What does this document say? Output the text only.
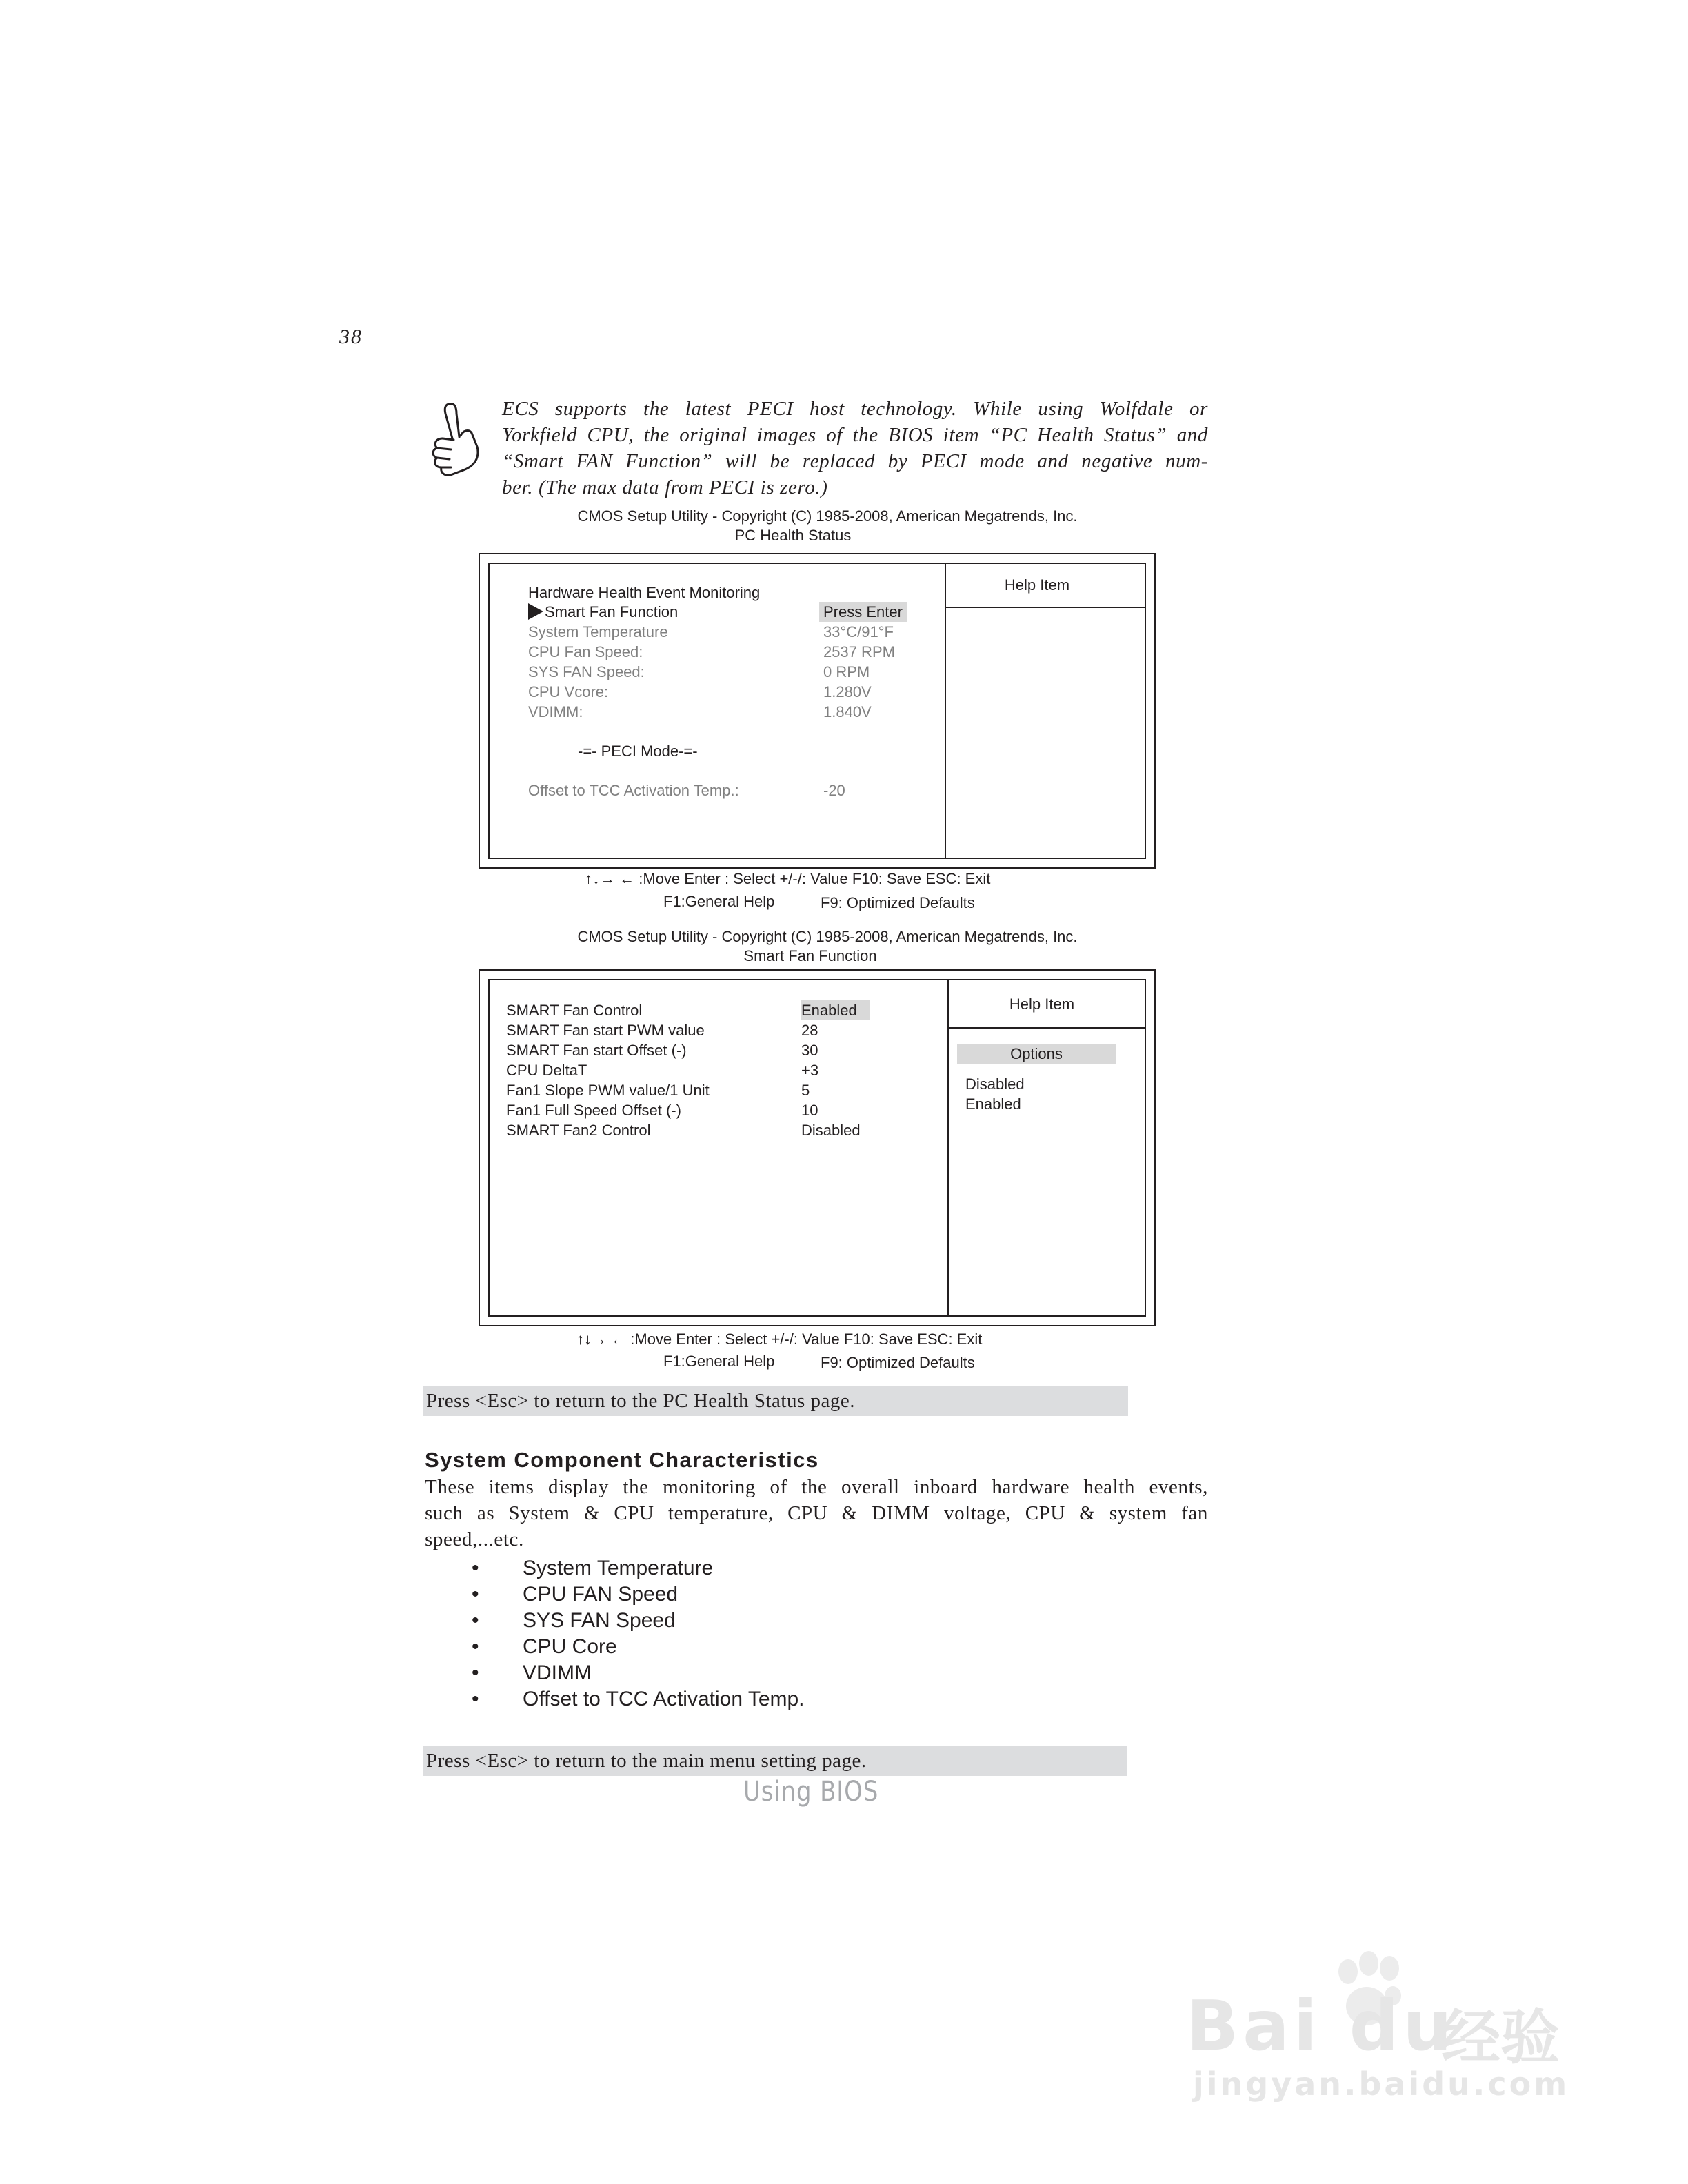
38
ECS supports the latest PECI host technology. While using Wolfdale or
Yorkfield CPU, the original images of the BIOS item “PC Health Status” and
“Smart FAN Function” will be replaced by PECI mode and negative num-
ber. (The max data from PECI is zero.)
CMOS Setup Utility - Copyright (C) 1985-2008, American Megatrends, Inc.
PC Health Status
Help Item
Hardware Health Event Monitoring
Smart Fan Function	Press Enter
System Temperature	33°C/91°F
CPU Fan Speed:	2537 RPM
SYS FAN Speed:	0 RPM
CPU Vcore:	1.280V
VDIMM:	1.840V
-=- PECI Mode-=-
Offset to TCC Activation Temp.:	-20
↑↓→ ← :Move Enter : Select +/-/: Value F10: Save ESC: Exit
F1:General Help	F9: Optimized Defaults
CMOS Setup Utility - Copyright (C) 1985-2008, American Megatrends, Inc.
Smart Fan Function
Help Item
SMART Fan Control	Enabled
SMART Fan start PWM value	28
SMART Fan start Offset (-)	30
CPU DeltaT	+3
Fan1 Slope PWM value/1 Unit	5
Fan1 Full Speed Offset (-)	10
SMART Fan2 Control	Disabled
Options
Disabled
Enabled
↑↓→ ← :Move Enter : Select +/-/: Value F10: Save ESC: Exit
F1:General Help	F9: Optimized Defaults
Press <Esc> to return to the PC Health Status page.
System Component Characteristics
These items display the monitoring of the overall inboard hardware health events,
such as System & CPU temperature, CPU & DIMM voltage, CPU & system fan
speed,...etc.
• System Temperature
• CPU FAN Speed
• SYS FAN Speed
• CPU Core
• VDIMM
• Offset to TCC Activation Temp.
Press <Esc> to return to the main menu setting page.
Using BIOS
Bai du
经验
jingyan.baidu.com
